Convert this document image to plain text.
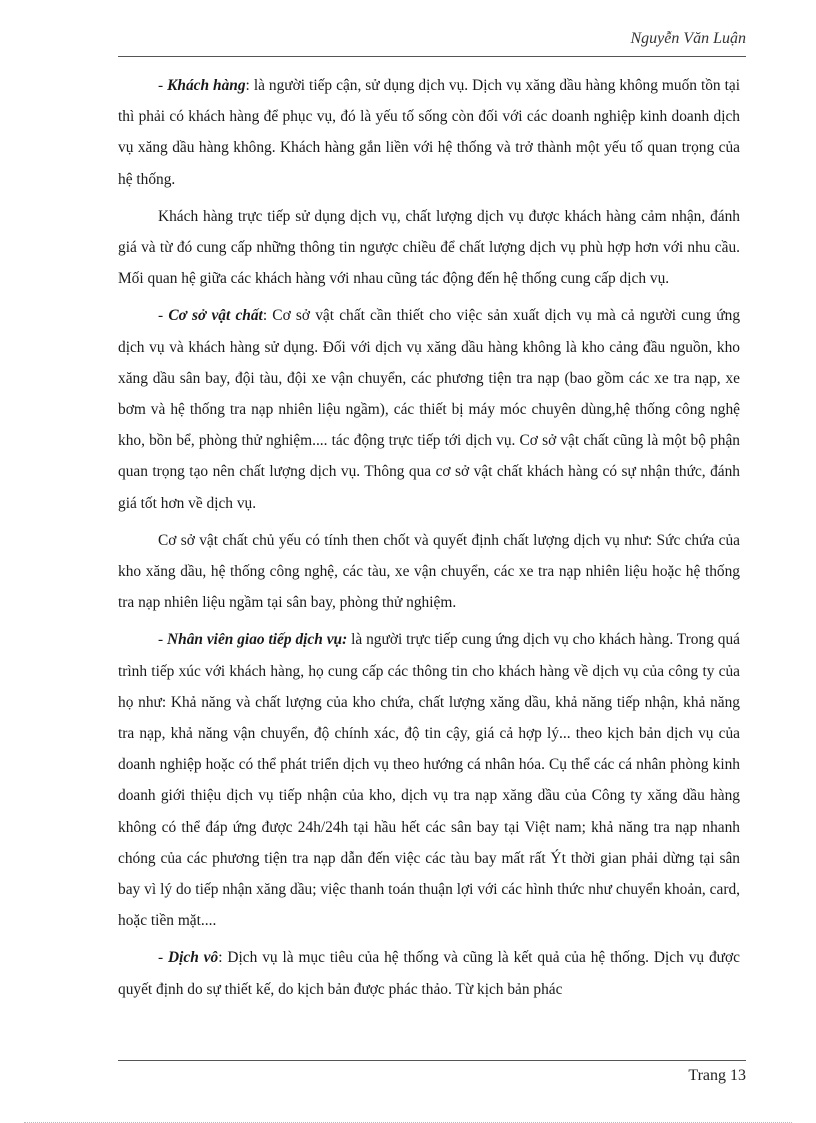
Nguyễn Văn Luận

- Khách hàng: là người tiếp cận, sử dụng dịch vụ. Dịch vụ xăng dầu hàng không muốn tồn tại thì phải có khách hàng để phục vụ, đó là yếu tố sống còn đối với các doanh nghiệp kinh doanh dịch vụ xăng dầu hàng không. Khách hàng gắn liền với hệ thống và trở thành một yếu tố quan trọng của hệ thống.

Khách hàng trực tiếp sử dụng dịch vụ, chất lượng dịch vụ được khách hàng cảm nhận, đánh giá và từ đó cung cấp những thông tin ngược chiều để chất lượng dịch vụ phù hợp hơn với nhu cầu. Mối quan hệ giữa các khách hàng với nhau cũng tác động đến hệ thống cung cấp dịch vụ.

- Cơ sở vật chất: Cơ sở vật chất cần thiết cho việc sản xuất dịch vụ mà cả người cung ứng dịch vụ và khách hàng sử dụng. Đối với dịch vụ xăng dầu hàng không là kho cảng đầu nguồn, kho xăng dầu sân bay, đội tàu, đội xe vận chuyển, các phương tiện tra nạp (bao gồm các xe tra nạp, xe bơm và hệ thống tra nạp nhiên liệu ngầm), các thiết bị máy móc chuyên dùng,hệ thống công nghệ kho, bồn bể, phòng thử nghiệm.... tác động trực tiếp tới dịch vụ. Cơ sở vật chất cũng là một bộ phận quan trọng tạo nên chất lượng dịch vụ. Thông qua cơ sở vật chất khách hàng có sự nhận thức, đánh giá tốt hơn về dịch vụ.

Cơ sở vật chất chủ yếu có tính then chốt và quyết định chất lượng dịch vụ như: Sức chứa của kho xăng dầu, hệ thống công nghệ, các tàu, xe vận chuyển, các xe tra nạp nhiên liệu hoặc hệ thống tra nạp nhiên liệu ngầm tại sân bay, phòng thử nghiệm.

- Nhân viên giao tiếp dịch vụ: là người trực tiếp cung ứng dịch vụ cho khách hàng. Trong quá trình tiếp xúc với khách hàng, họ cung cấp các thông tin cho khách hàng về dịch vụ của công ty của họ như: Khả năng và chất lượng của kho chứa, chất lượng xăng dầu, khả năng tiếp nhận, khả năng tra nạp, khả năng vận chuyển, độ chính xác, độ tin cậy, giá cả hợp lý... theo kịch bản dịch vụ của doanh nghiệp hoặc có thể phát triển dịch vụ theo hướng cá nhân hóa. Cụ thể các cá nhân phòng kinh doanh giới thiệu dịch vụ tiếp nhận của kho, dịch vụ tra nạp xăng dầu của Công ty xăng dầu hàng không có thể đáp ứng được 24h/24h tại hầu hết các sân bay tại Việt nam; khả năng tra nạp nhanh chóng của các phương tiện tra nạp dẫn đến việc các tàu bay mất rất Ýt thời gian phải dừng tại sân bay vì lý do tiếp nhận xăng dầu; việc thanh toán thuận lợi với các hình thức như chuyển khoản, card, hoặc tiền mặt....

- Dịch vô: Dịch vụ là mục tiêu của hệ thống và cũng là kết quả của hệ thống. Dịch vụ được quyết định do sự thiết kế, do kịch bản được phác thảo. Từ kịch bản phác

Trang 13
